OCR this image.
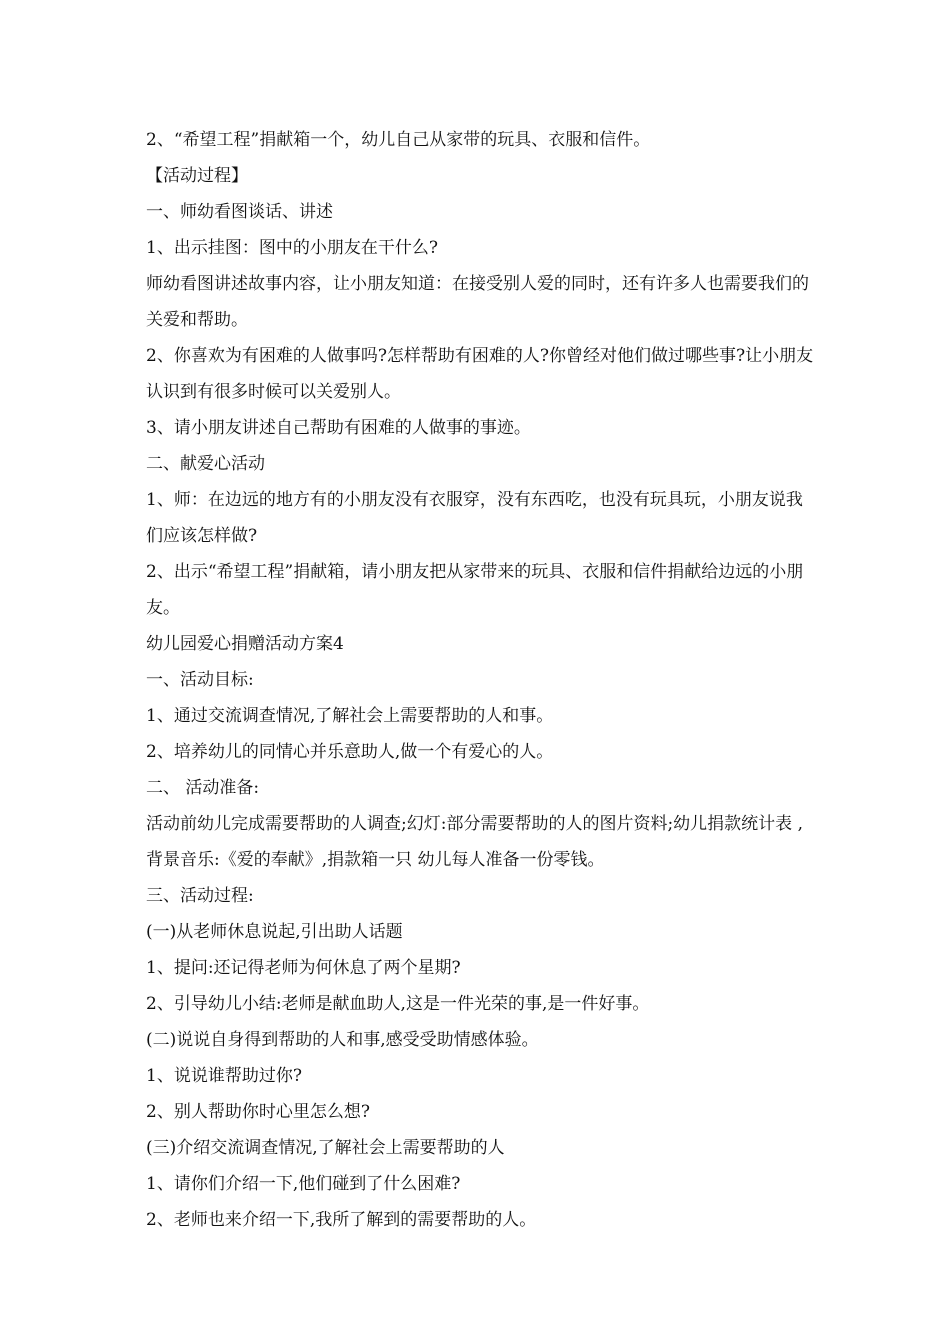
2、“希望工程”捐献箱一个，幼儿自己从家带的玩具、衣服和信件。

【活动过程】

一、师幼看图谈话、讲述

1、出示挂图：图中的小朋友在干什么?

师幼看图讲述故事内容，让小朋友知道：在接受别人爱的同时，还有许多人也需要我们的关爱和帮助。

2、你喜欢为有困难的人做事吗?怎样帮助有困难的人?你曾经对他们做过哪些事?让小朋友认识到有很多时候可以关爱别人。

3、请小朋友讲述自己帮助有困难的人做事的事迹。

二、献爱心活动

1、师：在边远的地方有的小朋友没有衣服穿，没有东西吃，也没有玩具玩，小朋友说我们应该怎样做?

2、出示“希望工程”捐献箱，请小朋友把从家带来的玩具、衣服和信件捐献给边远的小朋友。

幼儿园爱心捐赠活动方案4

一、活动目标:

1、通过交流调查情况,了解社会上需要帮助的人和事。

2、培养幼儿的同情心并乐意助人,做一个有爱心的人。

二、 活动准备:

活动前幼儿完成需要帮助的人调查;幻灯:部分需要帮助的人的图片资料;幼儿捐款统计表 ,背景音乐:《爱的奉献》,捐款箱一只 幼儿每人准备一份零钱。

三、活动过程:

(一)从老师休息说起,引出助人话题

1、提问:还记得老师为何休息了两个星期?

2、引导幼儿小结:老师是献血助人,这是一件光荣的事,是一件好事。

(二)说说自身得到帮助的人和事,感受受助情感体验。

1、说说谁帮助过你?

2、别人帮助你时心里怎么想?

(三)介绍交流调查情况,了解社会上需要帮助的人

1、请你们介绍一下,他们碰到了什么困难?

2、老师也来介绍一下,我所了解到的需要帮助的人。
